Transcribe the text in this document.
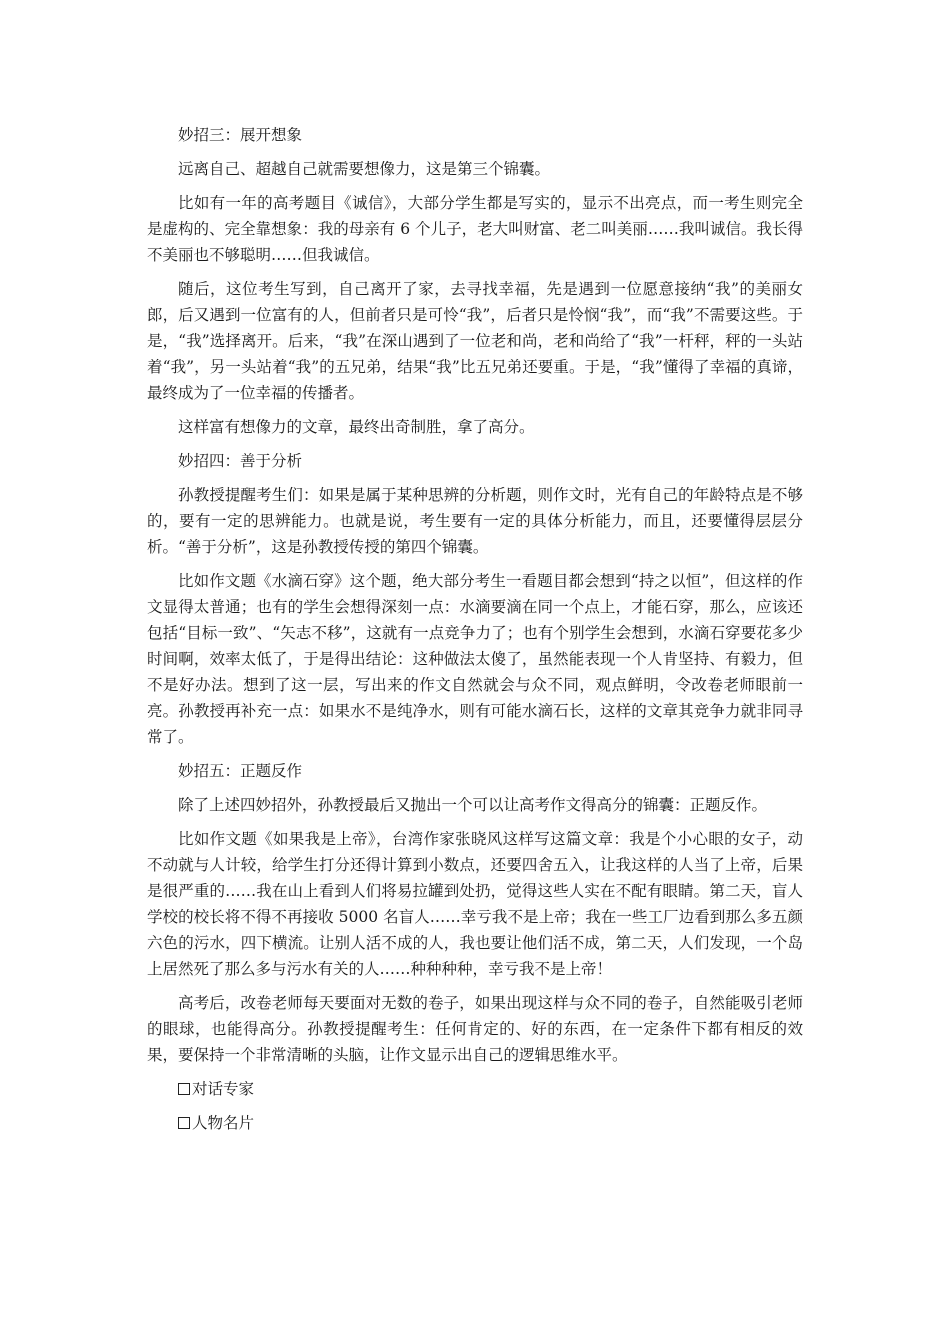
妙招三：展开想象

远离自己、超越自己就需要想像力，这是第三个锦囊。

比如有一年的高考题目《诚信》，大部分学生都是写实的，显示不出亮点，而一考生则完全是虚构的、完全靠想象：我的母亲有 6 个儿子，老大叫财富、老二叫美丽……我叫诚信。我长得不美丽也不够聪明……但我诚信。

随后，这位考生写到，自己离开了家，去寻找幸福，先是遇到一位愿意接纳“我”的美丽女郎，后又遇到一位富有的人，但前者只是可怜“我”，后者只是怜悯“我”，而“我”不需要这些。于是，“我”选择离开。后来，“我”在深山遇到了一位老和尚，老和尚给了“我”一杆秤，秤的一头站着“我”，另一头站着“我”的五兄弟，结果“我”比五兄弟还要重。于是，“我”懂得了幸福的真谛，最终成为了一位幸福的传播者。

这样富有想像力的文章，最终出奇制胜，拿了高分。

妙招四：善于分析

孙教授提醒考生们：如果是属于某种思辨的分析题，则作文时，光有自己的年龄特点是不够的，要有一定的思辨能力。也就是说，考生要有一定的具体分析能力，而且，还要懂得层层分析。“善于分析”，这是孙教授传授的第四个锦囊。

比如作文题《水滴石穿》这个题，绝大部分考生一看题目都会想到“持之以恒”，但这样的作文显得太普通；也有的学生会想得深刻一点：水滴要滴在同一个点上，才能石穿，那么，应该还包括“目标一致”、“矢志不移”，这就有一点竞争力了；也有个别学生会想到，水滴石穿要花多少时间啊，效率太低了，于是得出结论：这种做法太傻了，虽然能表现一个人肯坚持、有毅力，但不是好办法。想到了这一层，写出来的作文自然就会与众不同，观点鲜明，令改卷老师眼前一亮。孙教授再补充一点：如果水不是纯净水，则有可能水滴石长，这样的文章其竞争力就非同寻常了。

妙招五：正题反作

除了上述四妙招外，孙教授最后又抛出一个可以让高考作文得高分的锦囊：正题反作。

比如作文题《如果我是上帝》，台湾作家张晓风这样写这篇文章：我是个小心眼的女子，动不动就与人计较，给学生打分还得计算到小数点，还要四舍五入，让我这样的人当了上帝，后果是很严重的……我在山上看到人们将易拉罐到处扔，觉得这些人实在不配有眼睛。第二天，盲人学校的校长将不得不再接收 5000 名盲人……幸亏我不是上帝；我在一些工厂边看到那么多五颜六色的污水，四下横流。让别人活不成的人，我也要让他们活不成，第二天，人们发现，一个岛上居然死了那么多与污水有关的人……种种种种，幸亏我不是上帝！

高考后，改卷老师每天要面对无数的卷子，如果出现这样与众不同的卷子，自然能吸引老师的眼球，也能得高分。孙教授提醒考生：任何肯定的、好的东西，在一定条件下都有相反的效果，要保持一个非常清晰的头脑，让作文显示出自己的逻辑思维水平。

对话专家
人物名片
